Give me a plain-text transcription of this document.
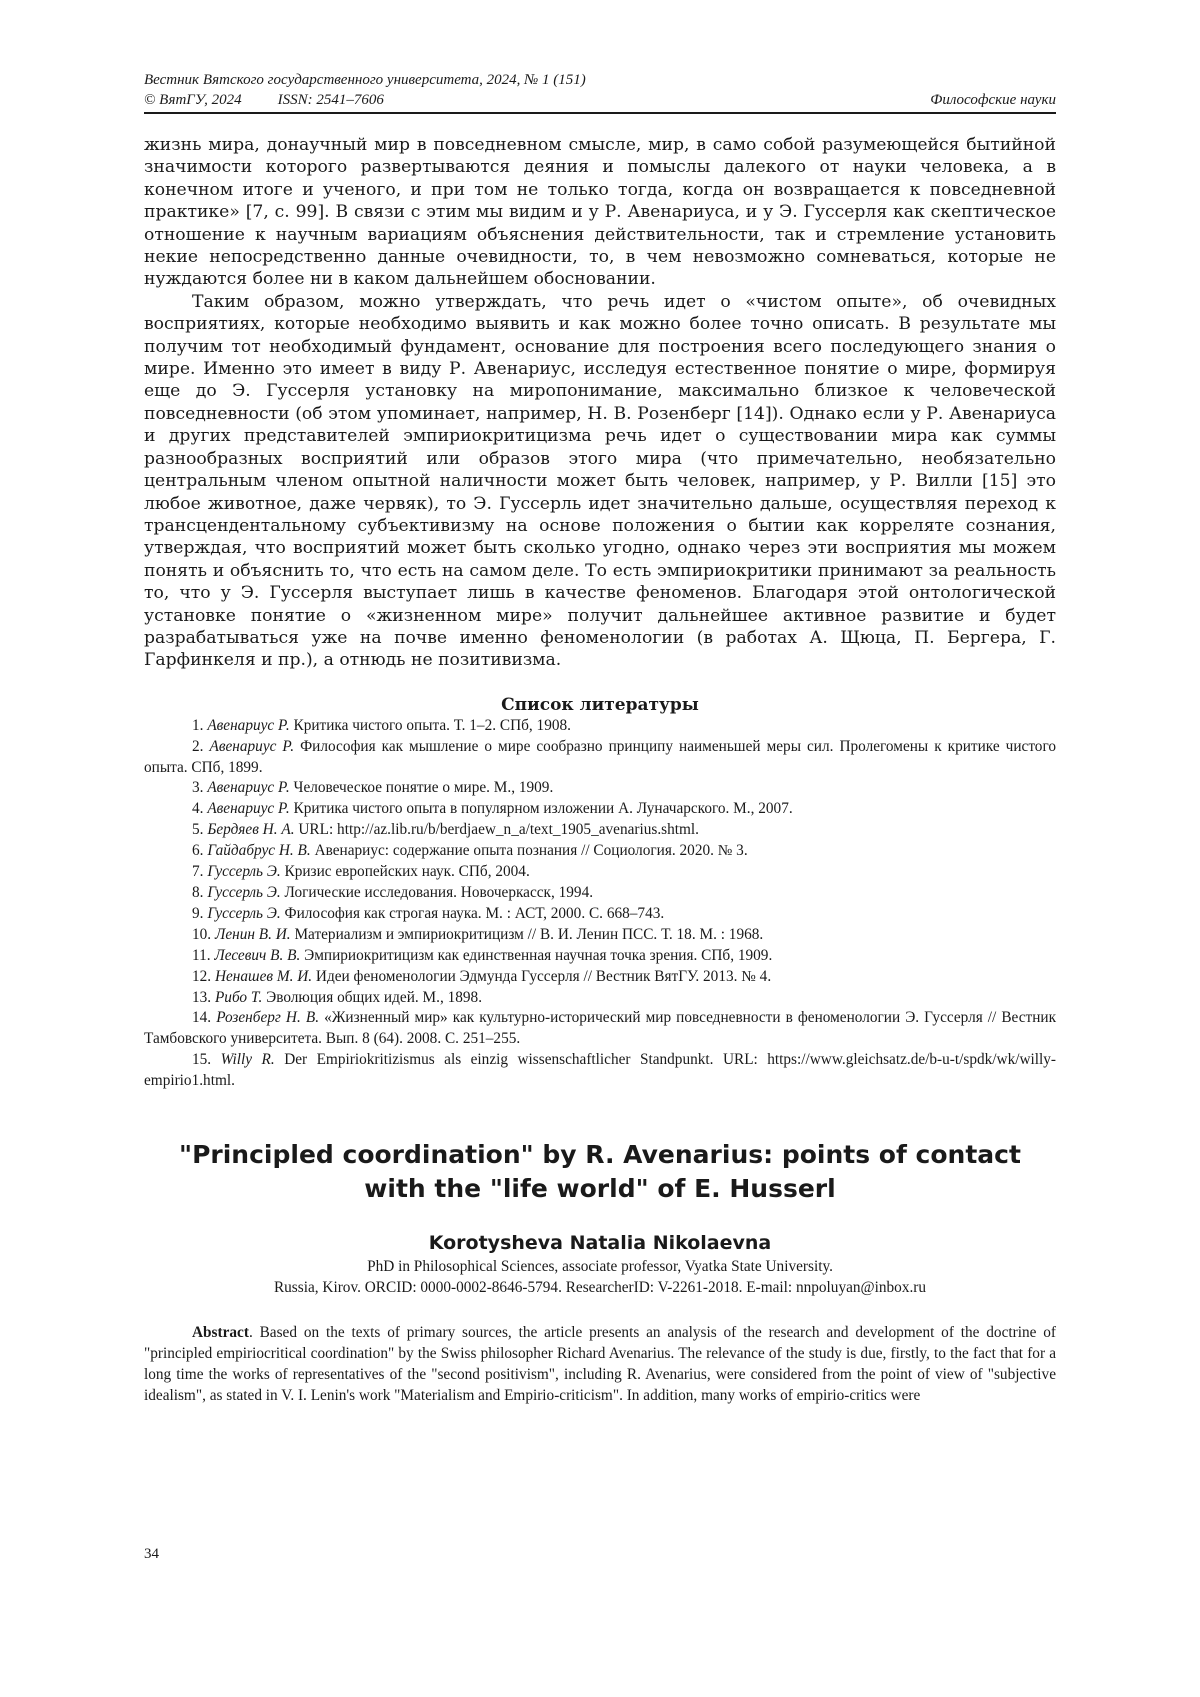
Вестник Вятского государственного университета, 2024, № 1 (151)
© ВятГУ, 2024 ISSN: 2541–7606	Философские науки

жизнь мира, донаучный мир в повседневном смысле, мир, в само собой разумеющейся бытийной значимости которого развертываются деяния и помыслы далекого от науки человека, а в конечном итоге и ученого, и при том не только тогда, когда он возвращается к повседневной практике» [7, с. 99]. В связи с этим мы видим и у Р. Авенариуса, и у Э. Гуссерля как скептическое отношение к научным вариациям объяснения действительности, так и стремление установить некие непосредственно данные очевидности, то, в чем невозможно сомневаться, которые не нуждаются более ни в каком дальнейшем обосновании.

Таким образом, можно утверждать, что речь идет о «чистом опыте», об очевидных восприятиях, которые необходимо выявить и как можно более точно описать. В результате мы получим тот необходимый фундамент, основание для построения всего последующего знания о мире. Именно это имеет в виду Р. Авенариус, исследуя естественное понятие о мире, формируя еще до Э. Гуссерля установку на миропонимание, максимально близкое к человеческой повседневности (об этом упоминает, например, Н. В. Розенберг [14]). Однако если у Р. Авенариуса и других представителей эмпириокритицизма речь идет о существовании мира как суммы разнообразных восприятий или образов этого мира (что примечательно, необязательно центральным членом опытной наличности может быть человек, например, у Р. Вилли [15] это любое животное, даже червяк), то Э. Гуссерль идет значительно дальше, осуществляя переход к трансцендентальному субъективизму на основе положения о бытии как корреляте сознания, утверждая, что восприятий может быть сколько угодно, однако через эти восприятия мы можем понять и объяснить то, что есть на самом деле. То есть эмпириокритики принимают за реальность то, что у Э. Гуссерля выступает лишь в качестве феноменов. Благодаря этой онтологической установке понятие о «жизненном мире» получит дальнейшее активное развитие и будет разрабатываться уже на почве именно феноменологии (в работах А. Щюца, П. Бергера, Г. Гарфинкеля и пр.), а отнюдь не позитивизма.

Список литературы
1. Авенариус Р. Критика чистого опыта. Т. 1–2. СПб, 1908.
2. Авенариус Р. Философия как мышление о мире сообразно принципу наименьшей меры сил. Пролегомены к критике чистого опыта. СПб, 1899.
3. Авенариус Р. Человеческое понятие о мире. М., 1909.
4. Авенариус Р. Критика чистого опыта в популярном изложении А. Луначарского. М., 2007.
5. Бердяев Н. А. URL: http://az.lib.ru/b/berdjaew_n_a/text_1905_avenarius.shtml.
6. Гайдабрус Н. В. Авенариус: содержание опыта познания // Социология. 2020. № 3.
7. Гуссерль Э. Кризис европейских наук. СПб, 2004.
8. Гуссерль Э. Логические исследования. Новочеркасск, 1994.
9. Гуссерль Э. Философия как строгая наука. М. : АСТ, 2000. С. 668–743.
10. Ленин В. И. Материализм и эмпириокритицизм // В. И. Ленин ПСС. Т. 18. М. : 1968.
11. Лесевич В. В. Эмпириокритицизм как единственная научная точка зрения. СПб, 1909.
12. Ненашев М. И. Идеи феноменологии Эдмунда Гуссерля // Вестник ВятГУ. 2013. № 4.
13. Рибо Т. Эволюция общих идей. М., 1898.
14. Розенберг Н. В. «Жизненный мир» как культурно-исторический мир повседневности в феноменологии Э. Гуссерля // Вестник Тамбовского университета. Вып. 8 (64). 2008. С. 251–255.
15. Willy R. Der Empiriokritizismus als einzig wissenschaftlicher Standpunkt. URL: https://www.gleichsatz.de/b-u-t/spdk/wk/willy-empirio1.html.
"Principled coordination" by R. Avenarius: points of contact
with the "life world" of E. Husserl
Korotysheva Natalia Nikolaevna
PhD in Philosophical Sciences, associate professor, Vyatka State University.
Russia, Kirov. ORCID: 0000-0002-8646-5794. ResearcherID: V-2261-2018. E-mail: nnpoluyan@inbox.ru
Abstract. Based on the texts of primary sources, the article presents an analysis of the research and development of the doctrine of "principled empiriocritical coordination" by the Swiss philosopher Richard Avenarius. The relevance of the study is due, firstly, to the fact that for a long time the works of representatives of the "second positivism", including R. Avenarius, were considered from the point of view of "subjective idealism", as stated in V. I. Lenin's work "Materialism and Empirio-criticism". In addition, many works of empirio-critics were
34
